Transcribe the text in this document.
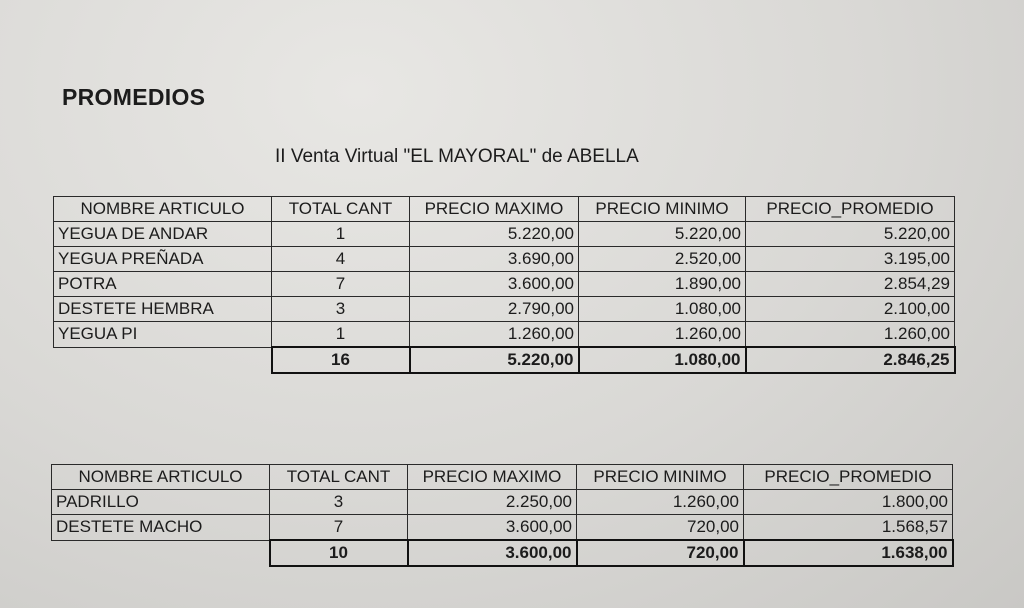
PROMEDIOS
II Venta Virtual "EL MAYORAL" de ABELLA
NOMBRE ARTICULO	TOTAL CANT	PRECIO MAXIMO	PRECIO MINIMO	PRECIO_PROMEDIO
YEGUA DE ANDAR	1	5.220,00	5.220,00	5.220,00
YEGUA PREÑADA	4	3.690,00	2.520,00	3.195,00
POTRA	7	3.600,00	1.890,00	2.854,29
DESTETE HEMBRA	3	2.790,00	1.080,00	2.100,00
YEGUA PI	1	1.260,00	1.260,00	1.260,00
	16	5.220,00	1.080,00	2.846,25
NOMBRE ARTICULO	TOTAL CANT	PRECIO MAXIMO	PRECIO MINIMO	PRECIO_PROMEDIO
PADRILLO	3	2.250,00	1.260,00	1.800,00
DESTETE MACHO	7	3.600,00	720,00	1.568,57
	10	3.600,00	720,00	1.638,00
